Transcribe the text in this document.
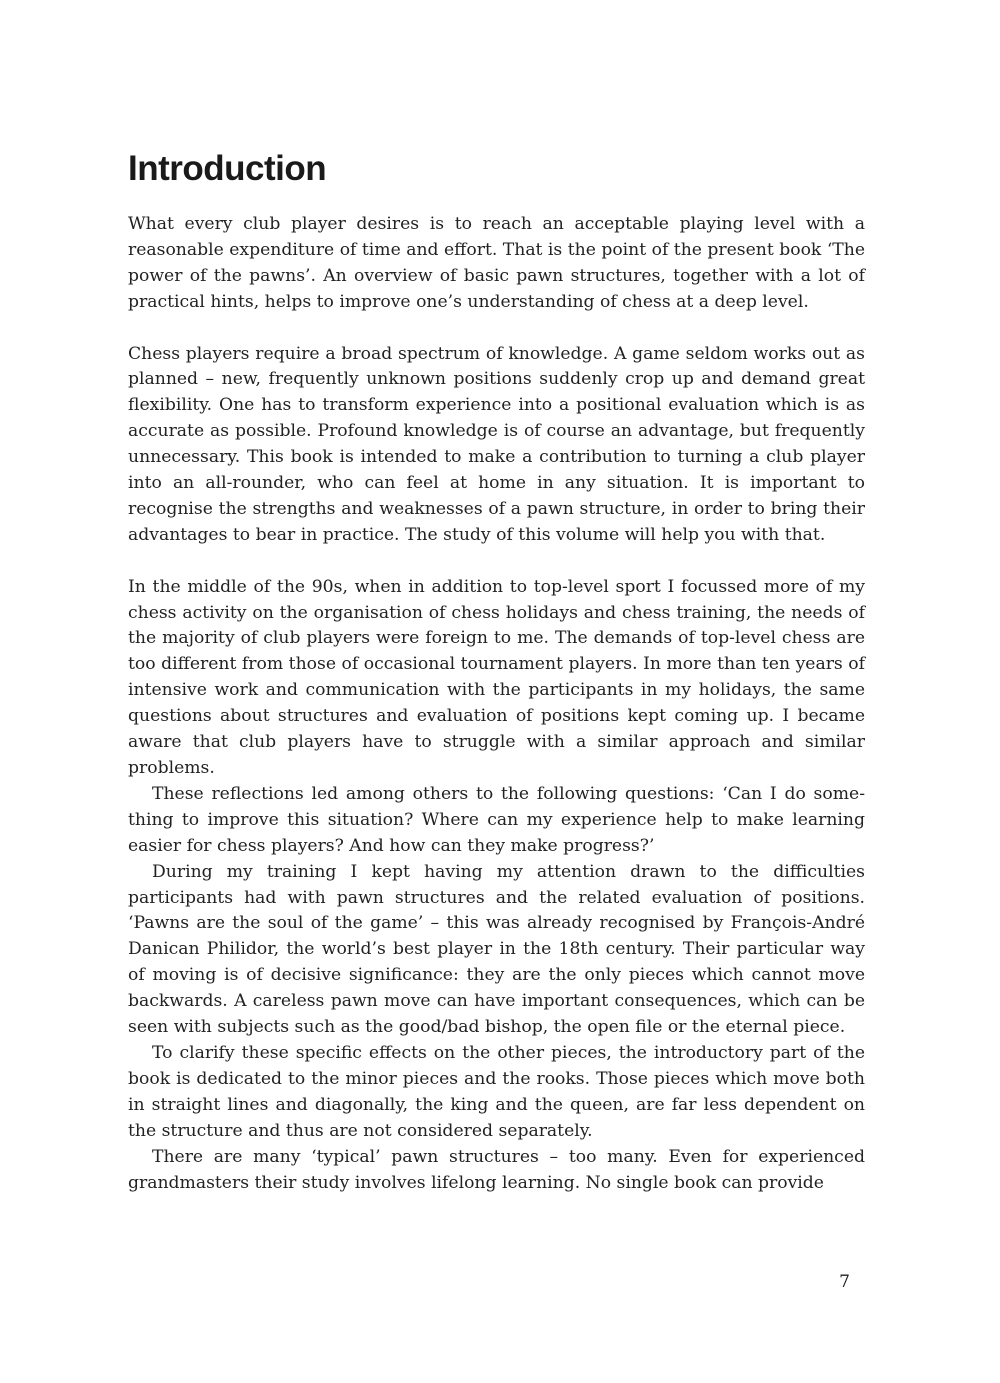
Introduction

What every club player desires is to reach an acceptable playing level with a reasonable expenditure of time and effort. That is the point of the present book ‘The power of the pawns’. An overview of basic pawn structures, together with a lot of practical hints, helps to improve one’s understanding of chess at a deep level.

Chess players require a broad spectrum of knowledge. A game seldom works out as planned – new, frequently unknown positions suddenly crop up and demand great flexibility. One has to transform experience into a positional evaluation which is as accurate as possible. Profound knowledge is of course an advantage, but frequently unnecessary. This book is intended to make a contribution to turning a club player into an all-rounder, who can feel at home in any situation. It is important to recognise the strengths and weaknesses of a pawn structure, in order to bring their advantages to bear in practice. The study of this volume will help you with that.

In the middle of the 90s, when in addition to top-level sport I focussed more of my chess activity on the organisation of chess holidays and chess training, the needs of the majority of club players were foreign to me. The demands of top-level chess are too different from those of occasional tournament players. In more than ten years of intensive work and communication with the participants in my holidays, the same questions about structures and evaluation of positions kept coming up. I became aware that club players have to struggle with a similar approach and similar problems.

These reflections led among others to the following questions: ‘Can I do something to improve this situation? Where can my experience help to make learning easier for chess players? And how can they make progress?’

During my training I kept having my attention drawn to the difficulties participants had with pawn structures and the related evaluation of positions. ‘Pawns are the soul of the game’ – this was already recognised by François-André Danican Philidor, the world’s best player in the 18th century. Their particular way of moving is of decisive significance: they are the only pieces which cannot move backwards. A careless pawn move can have important consequences, which can be seen with subjects such as the good/bad bishop, the open file or the eternal piece.

To clarify these specific effects on the other pieces, the introductory part of the book is dedicated to the minor pieces and the rooks. Those pieces which move both in straight lines and diagonally, the king and the queen, are far less dependent on the structure and thus are not considered separately.

There are many ‘typical’ pawn structures – too many. Even for experienced grandmasters their study involves lifelong learning. No single book can provide

7
